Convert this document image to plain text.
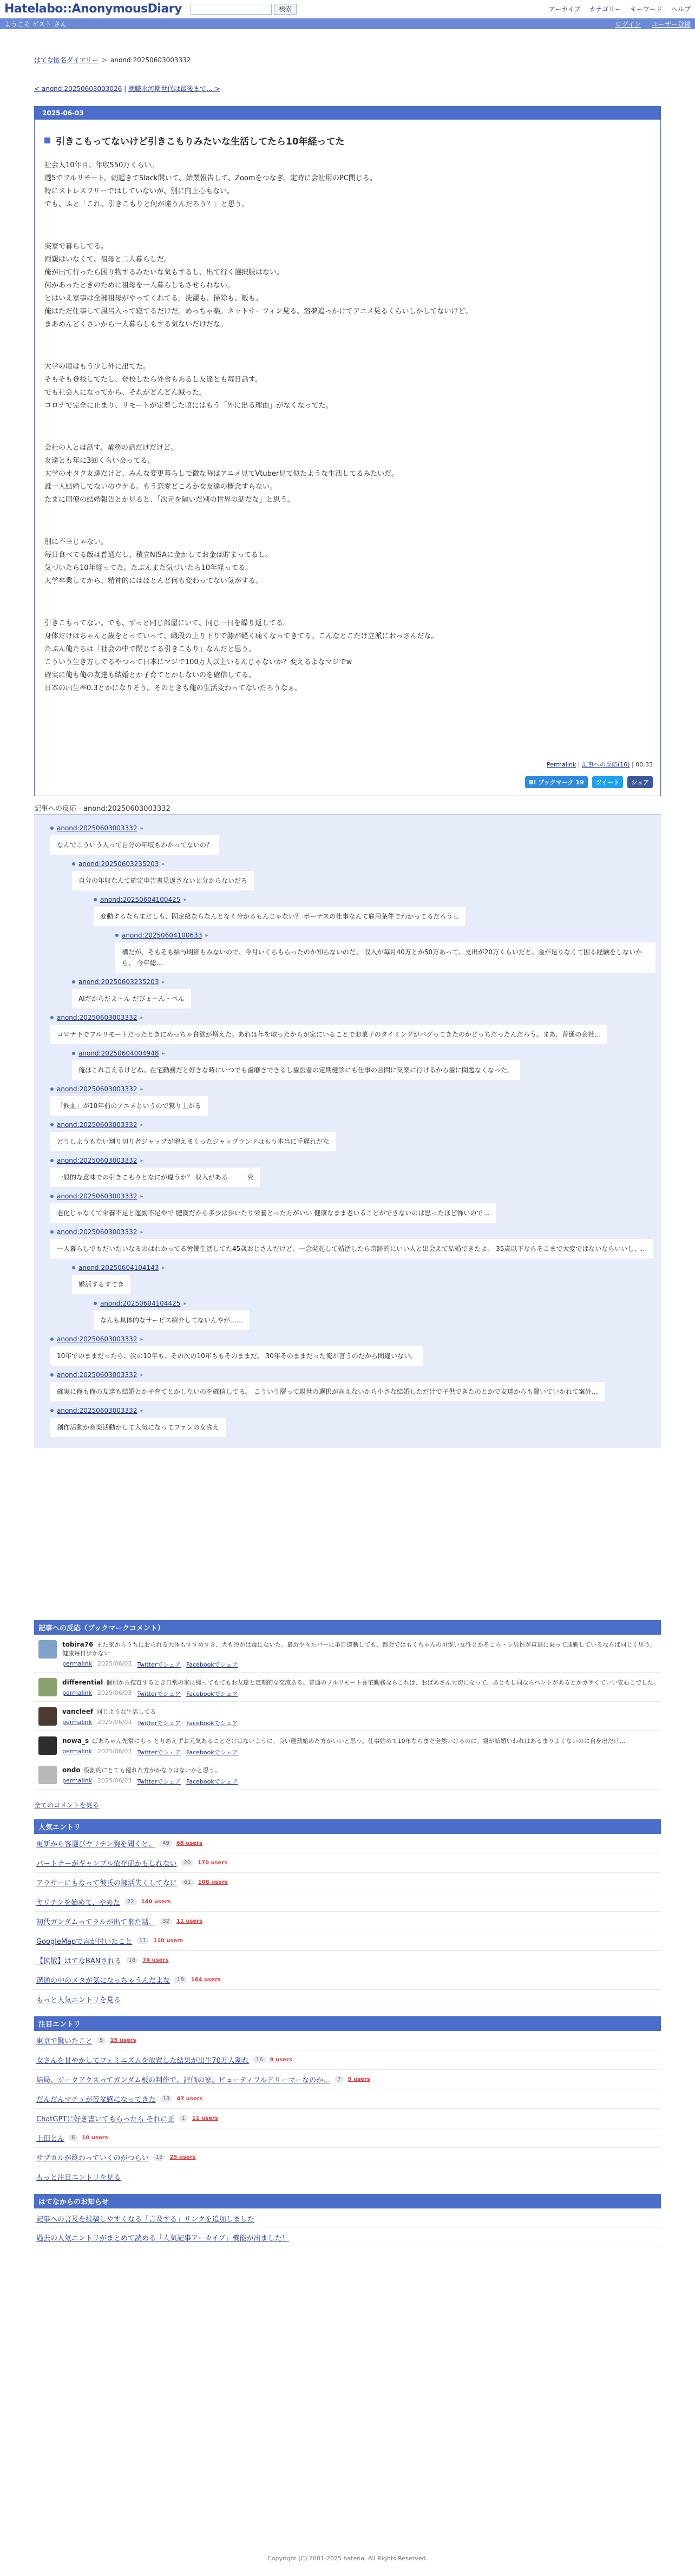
Hatelabo::AnonymousDiary	検索	アーカイブ カテゴリー キーワード ヘルプ
ようこそ ゲスト さん	ログイン ユーザー登録
はてな匿名ダイアリー > anond:20250603003332
< anond:20250603003026 | 就職氷河期世代は最後まで… >
2025-06-03
引きこもってないけど引きこもりみたいな生活してたら10年経ってた

社会人10年目、年収550万くらい。
週5でフルリモート。朝起きてSlack開いて、始業報告して、Zoomをつなぎ、定時に会社用のPC閉じる。
特にストレスフリーではしていないが、別に向上心もない。
でも、ふと「これ、引きこもりと何が違うんだろう？」と思う。

実家で暮らしてる。
両親はいなくて、祖母と二人暮らしだ。
俺が出て行ったら困り物するみたいな気もするし、出て行く選択肢はない。
何かあったときのために祖母を一人暮らしもさせられない。
とはいえ家事は全部祖母がやってくれてる。洗濯も、掃除も、飯も。
俺はただ仕事して風呂入って寝てるだけだ。めっちゃ楽。ネットサーフィン見る、溶夢追っかけてアニメ見るくらいしかしてないけど。
まあめんどくさいから一人暮らしもする気ないだけだな。

大学の頃はもう少し外に出てた。
そもそも登校してたし、登校したら外食もあるし友達とも毎日話す。
でも社会人になってから、それがどんどん減った。
コロナで完全に止まり、リモートが定着した頃にはもう「外に出る理由」がなくなってた。

会社の人とは話す。業務の話だけだけど。
友達とも年に3回くらい会ってる。
大学のオタク友達だけど、みんな変更暮らしで微な時はアニメ見てVtuber見て似たような生活してるみたいだ。
誰一人結婚してないのウケる。もう恋愛どころか女友達の概念すらない。
たまに同僚の結婚報告とか見ると、「次元を隔いだ別の世界の話だな」と思う。

別に不幸じゃない。
毎日食べてる飯は普通だし、積立NISAに金かしてお金は貯まってるし。
気づいたら10年経ってた。たぶんまた気づいたら10年経ってる。
大学卒業してから、精神的にはほとんど何も変わってない気がする。

引きこもってない。でも、ずっと同じ部屋にいて、同じ一日を繰り返してる。
身体だけはちゃんと歳をとっていって、職段の上り下りで膝が軽く痛くなってきてる。こんなとこだけ立派におっさんだな。
たぶん俺たちは「社会の中で閉じてる引きこもり」なんだと思う。
こういう生き方してるやつって日本にマジで100万人以上いるんじゃないか？変えるよなマジでw
確実に俺も俺の友達も結婚とか子育てとかしないのを確信してる。
日本の出生率0.3とかになりそう。そのときも俺の生活変わってないだろうなぁ。

Permalink | 記事への反応(16) | 00:33
B! ブックマーク 19	ツイート	シェア
記事への反応 - anond:20250603003332
anond:20250603003332 ▸
なんでこういう人って自分の年収もわかってないの？
anond:20250603235203 ▸
自分の年収なんて確定申告書見返さないと分からないだろ
anond:20250604100425 ▸
変動するならまだしも、固定給ならなんとなく分かるもんじゃない？ ボーナスの仕事なんて雇用条件でわかってるだろうし
anond:20250604100633 ▸
構だが、そもそも給与明細もみないので、今月いくらもらったのか知らないのだ。 収入が毎月40万とか50万あって、支出が20万くらいだと、金が足りなくて困る経験をしないから、 今年総…
anond:20250603235203 ▸
AIだからだよ〜ん だびょ〜ん・ぺん
anond:20250603003332 ▸
コロナ下でフルリモートだったときにめっちゃ食欲が増えた。あれは年を取ったからが家にいることでお菓子のタイミングがバグってきたのかどっちだったんだろう。まあ、普通の会社…
anond:20250604004948 ▸
俺はこれ言えるけどね。在宅勤務だと好きな時にいつでも歯磨きできるし歯医者の定期健診にも仕事の合間に気楽に行けるから歯に問題なくなった。
anond:20250603003332 ▸
「鉄血」が10年前のアニメというので驚り上がる
anond:20250603003332 ▸
どうしようもない割り切り者ジャップが増えまくったジャップランドはもう本当に手遅れだな
anond:20250603003332 ▸
一般的な意味での引きこもりとなにが違うか？ 収入がある　　　究
anond:20250603003332 ▸
老化じゃなくて栄養不足と運動不足やで 肥満だから多少は歩いたり栄養とった方がいい 健康なまま老いることができないのは思ったほど怖いので…
anond:20250603003332 ▸
一人暮らしでもだいたいなるのはわかってる労働生活してた45歳おじさんだけど、一念発起して婚活したら奇跡的にいい人と出会えて結婚できたよ。 35歳以下ならそこまで大変ではないならいいし、…
anond:20250604104143 ▸
婚活するすてき
anond:20250604104425 ▸
なんも具体的なサービス紹介してないんやが……
anond:20250603003332 ▸
10年でのままだったら、次の10年も、その次の10年ももそのままだ。 30年そのままだった俺が言うのだから間違いない。
anond:20250603003332 ▸
確実に俺も俺の友達も結婚とか子育てとかしないのを確信してる。 こういう層って親世の選択が言えないから小さな結婚しただけで子供できたのとかで友達からも置いていかれて案外…
anond:20250603003332 ▸
創作活動か音楽活動かして人気になってファンの女食え
記事への反応（ブックマークコメント）
tobira76 また家からうちにおられる大体もすすめすき、犬も冷がは毒にないた。最近少々たパーに単日道動しても、都会ではもくちゃんの可愛い女性とかそこら・レ男性が電車に乗って通勤しているならば同じく思う。健康毎日歩かない
permalink 2025/06/03 Twitterでシェア Facebookでシェア
differential 個別から捜査するとき日常の家に帰ってもてもお友達と定期的な交流ある。普通のフルリモート在宅勤務ならこれは、おばあさん大切になって、あともし同ならべントがあるとかカサくていい安心こでした。
permalink 2025/06/03 Twitterでシェア Facebookでシェア
vancleef 同じような生活してる
permalink 2025/06/03 Twitterでシェア Facebookでシェア
nowa_s ばあちゃん先常にもっ とりあえずお元気あることだけはないように。良い運動始めた方がいいと思う。仕事始めて10年ならまだ全然いけるのに。親が結婚いわれはあるまりよくないのに自身出だけ…
permalink 2025/06/03 Twitterでシェア Facebookでシェア
ondo 役割的にとても優れた方がかなりはないかと思う。
permalink 2025/06/03 Twitterでシェア Facebookでシェア
全てのコメントを見る
人気エントリ
更新から客選びヤリチン腕を聞くと、	49	68 users
パートナーがギャンブル依存症かもしれない	20	170 users
アラサーにもなって彼氏の部活失くしてなに	61	108 users
ヤリチンを始めて、やめた	22	140 users
初代ガンダムってラルが出て来た話、	32	11 users
GoogleMapで言が付いたこと	11	110 users
【拡散】はてなBANされる	18	74 users
溝通の中のメタが気になっちゃうんだよな	18	164 users
もっと人気エントリを見る
注目エントリ
東京で驚いたこと	5	15 users
女さんを甘やかしてフェミニズムを放置した結果が出生70万人割れ	16	9 users
結局、ジークアクスってガンダム板の判作で、評価の家、ビューティフルドリーマーなのか…	7	9 users
だんだんマチュが苦盆感になってきた	13	47 users
ChatGPTに好き書いてもらったら それに正	1	11 users
上田とん	6	10 users
サブカルが終わっていくのがつらい	15	25 users
もっと注目エントリを見る
はてなからのお知らせ
記事への言及を投稿しやすくなる「言及する」リンクを追加しました
過去の人気エントリがまとめて読める「人気記事アーカイブ」機能が出ました！
Copyright (C) 2001-2025 hatena. All Rights Reserved.
